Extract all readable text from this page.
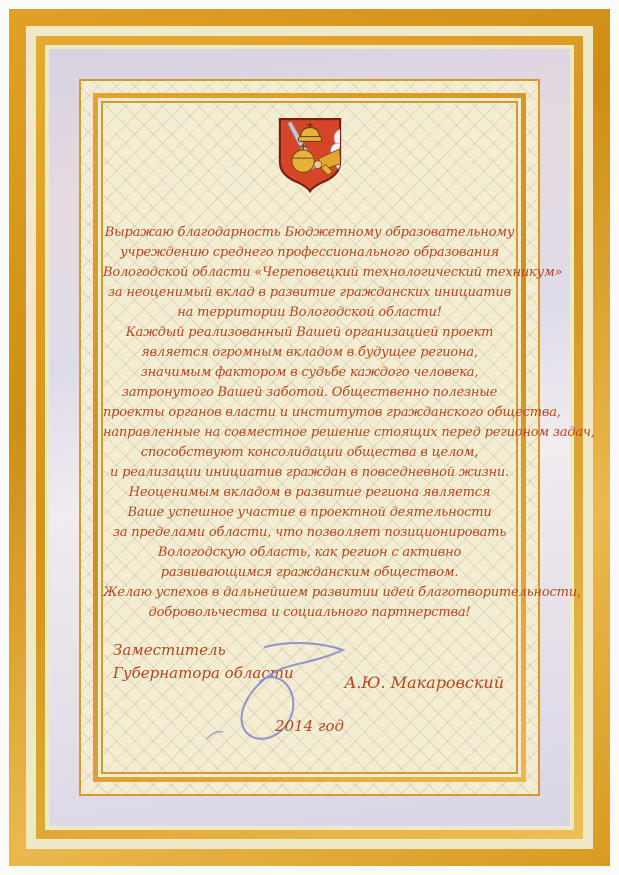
Выражаю благодарность Бюджетному образовательному
учреждению среднего профессионального образования
Вологодской области «Череповецкий технологический техникум»
за неоценимый вклад в развитие гражданских инициатив
на территории Вологодской области!
Каждый реализованный Вашей организацией проект
является огромным вкладом в будущее региона,
значимым фактором в судьбе каждого человека,
затронутого Вашей заботой. Общественно полезные
проекты органов власти и институтов гражданского общества,
направленные на совместное решение стоящих перед регионом задач,
способствуют консолидации общества в целом,
и реализации инициатив граждан в повседневной жизни.
Неоценимым вкладом в развитие региона является
Ваше успешное участие в проектной деятельности
за пределами области, что позволяет позиционировать
Вологодскую область, как регион с активно
развивающимся гражданским обществом.
Желаю успехов в дальнейшем развитии идей благотворительности,
добровольчества и социального партнерства!
Заместитель
Губернатора области	А.Ю. Макаровский
2014 год
